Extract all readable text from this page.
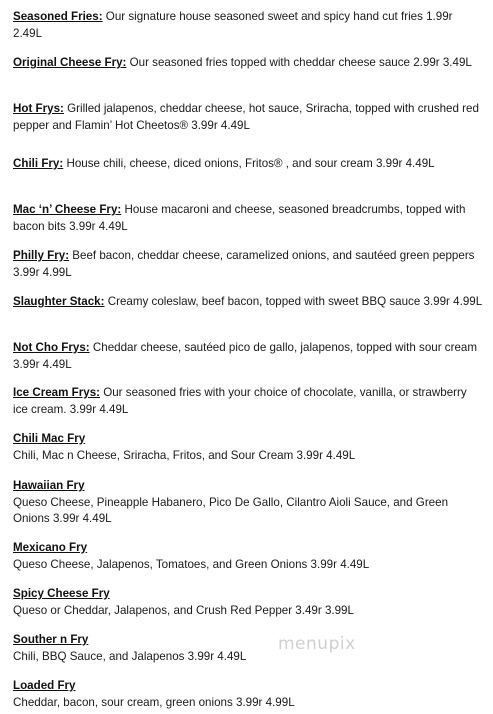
Seasoned Fries: Our signature house seasoned sweet and spicy hand cut fries 1.99r 2.49L
Original Cheese Fry: Our seasoned fries topped with cheddar cheese sauce 2.99r 3.49L
Hot Frys: Grilled jalapenos, cheddar cheese, hot sauce, Sriracha, topped with crushed red pepper and Flamin’ Hot Cheetos® 3.99r 4.49L
Chili Fry: House chili, cheese, diced onions, Fritos® , and sour cream 3.99r 4.49L
Mac ‘n’ Cheese Fry: House macaroni and cheese, seasoned breadcrumbs, topped with bacon bits 3.99r 4.49L
Philly Fry: Beef bacon, cheddar cheese, caramelized onions, and sautéed green peppers 3.99r 4.99L
Slaughter Stack: Creamy coleslaw, beef bacon, topped with sweet BBQ sauce 3.99r 4.99L
Not Cho Frys: Cheddar cheese, sautéed pico de gallo, jalapenos, topped with sour cream 3.99r 4.49L
Ice Cream Frys: Our seasoned fries with your choice of chocolate, vanilla, or strawberry ice cream. 3.99r 4.49L
Chili Mac Fry
Chili, Mac n Cheese, Sriracha, Fritos, and Sour Cream 3.99r 4.49L
Hawaiian Fry
Queso Cheese, Pineapple Habanero, Pico De Gallo, Cilantro Aioli Sauce, and Green Onions 3.99r 4.49L
Mexicano Fry
Queso Cheese, Jalapenos, Tomatoes, and Green Onions 3.99r 4.49L
Spicy Cheese Fry
Queso or Cheddar, Jalapenos, and Crush Red Pepper 3.49r 3.99L
Souther n Fry
Chili, BBQ Sauce, and Jalapenos 3.99r 4.49L
Loaded Fry
Cheddar, bacon, sour cream, green onions 3.99r 4.99L
menupix
